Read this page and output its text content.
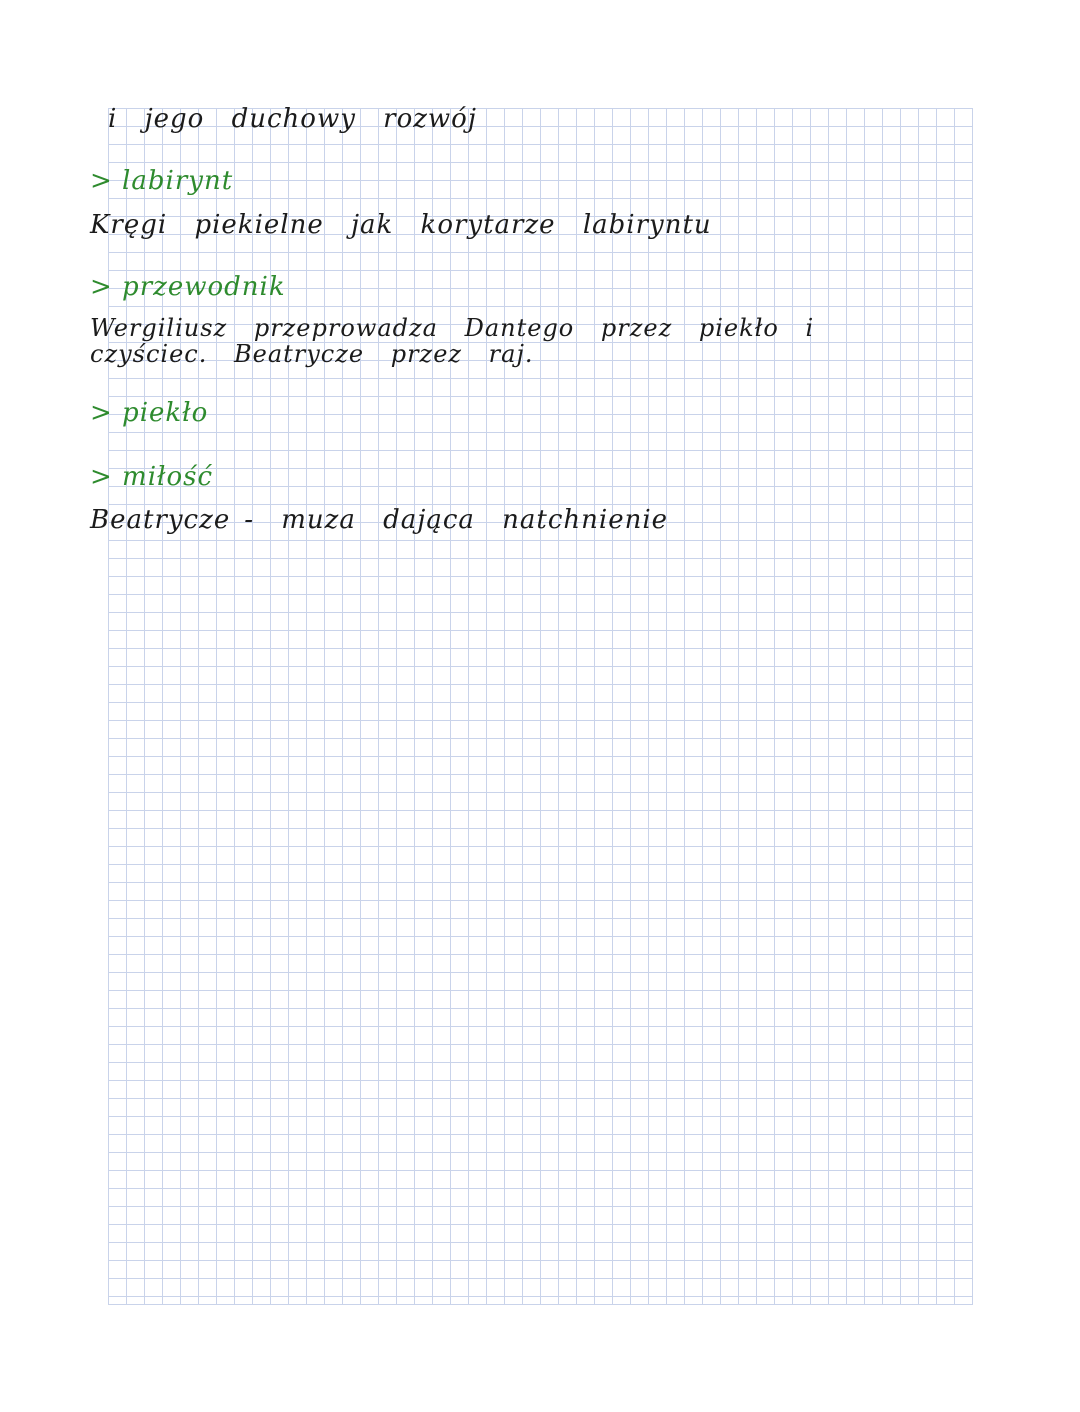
i jego duchowy rozwój
> labirynt
Kręgi piekielne jak korytarze labiryntu
> przewodnik
Wergiliusz przeprowadza Dantego przez piekło i
czyściec. Beatrycze przez raj.
> piekło
> miłość
Beatrycze - muza dająca natchnienie
